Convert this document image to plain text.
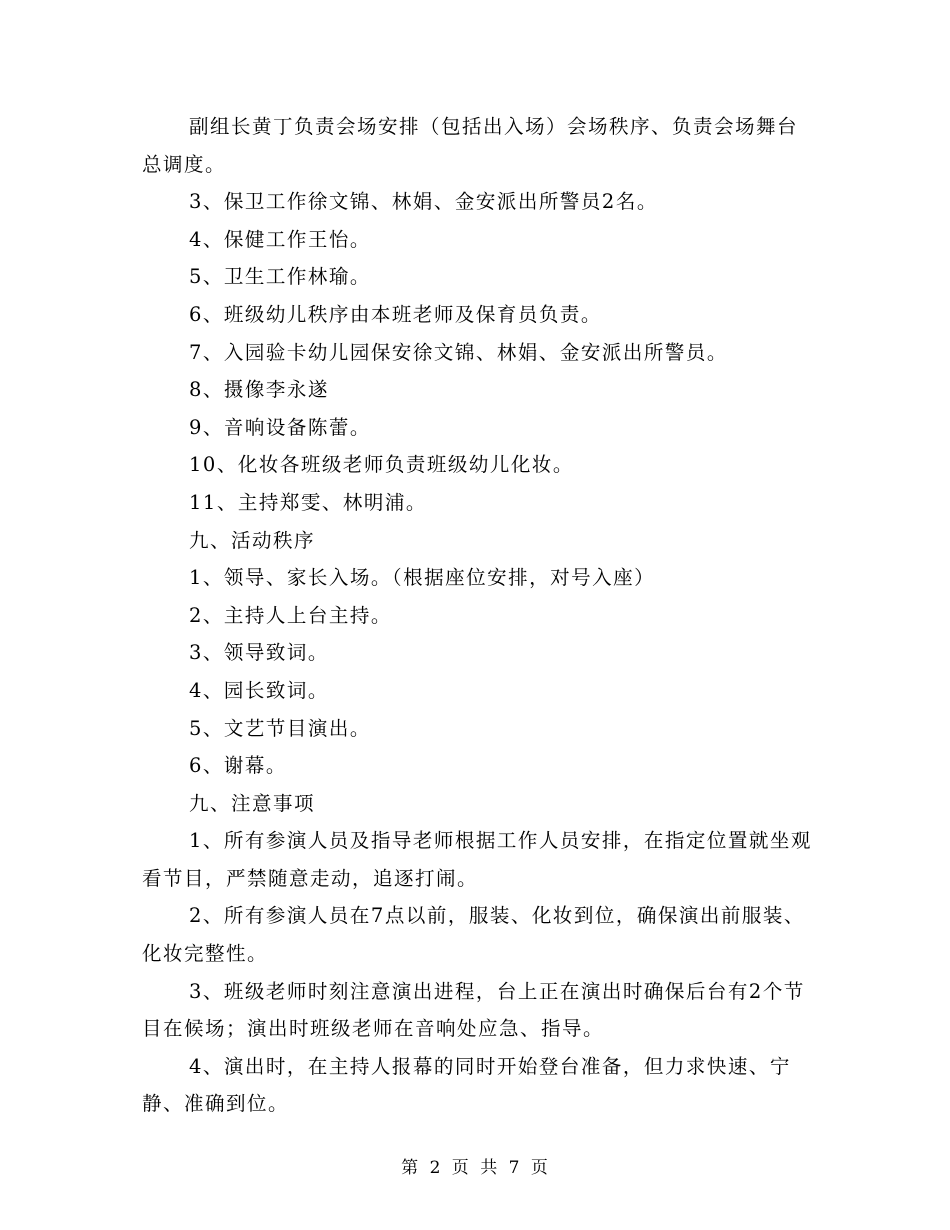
副组长黄丁负责会场安排（包括出入场）会场秩序、负责会场舞台总调度。

3、保卫工作徐文锦、林娟、金安派出所警员2名。

4、保健工作王怡。

5、卫生工作林瑜。

6、班级幼儿秩序由本班老师及保育员负责。

7、入园验卡幼儿园保安徐文锦、林娟、金安派出所警员。

8、摄像李永遂

9、音响设备陈蕾。

10、化妆各班级老师负责班级幼儿化妆。

11、主持郑雯、林明浦。

九、活动秩序

1、领导、家长入场。（根据座位安排，对号入座）

2、主持人上台主持。

3、领导致词。

4、园长致词。

5、文艺节目演出。

6、谢幕。

九、注意事项

1、所有参演人员及指导老师根据工作人员安排，在指定位置就坐观看节目，严禁随意走动，追逐打闹。

2、所有参演人员在7点以前，服装、化妆到位，确保演出前服装、化妆完整性。

3、班级老师时刻注意演出进程，台上正在演出时确保后台有2个节目在候场；演出时班级老师在音响处应急、指导。

4、演出时，在主持人报幕的同时开始登台准备，但力求快速、宁静、准确到位。

第 2 页 共 7 页
